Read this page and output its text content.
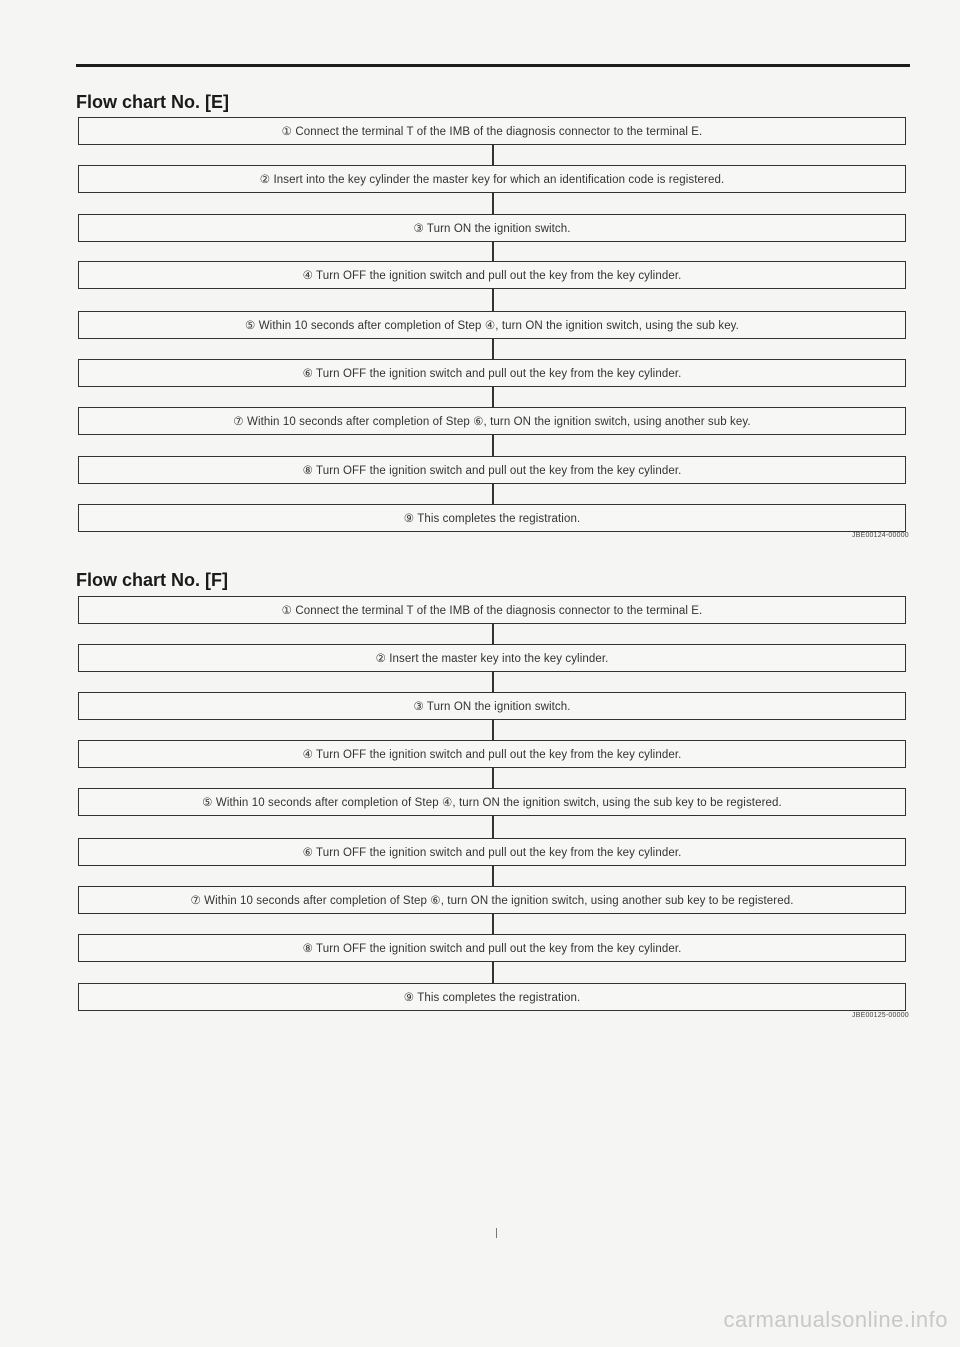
Flow chart No. [E]
① Connect the terminal T of the IMB of the diagnosis connector to the terminal E.
② Insert into the key cylinder the master key for which an identification code is registered.
③ Turn ON the ignition switch.
④ Turn OFF the ignition switch and pull out the key from the key cylinder.
⑤ Within 10 seconds after completion of Step ④, turn ON the ignition switch, using the sub key.
⑥ Turn OFF the ignition switch and pull out the key from the key cylinder.
⑦ Within 10 seconds after completion of Step ⑥, turn ON the ignition switch, using another sub key.
⑧ Turn OFF the ignition switch and pull out the key from the key cylinder.
⑨ This completes the registration.
JBE00124-00000
Flow chart No. [F]
① Connect the terminal T of the IMB of the diagnosis connector to the terminal E.
② Insert the master key into the key cylinder.
③ Turn ON the ignition switch.
④ Turn OFF the ignition switch and pull out the key from the key cylinder.
⑤ Within 10 seconds after completion of Step ④, turn ON the ignition switch, using the sub key to be registered.
⑥ Turn OFF the ignition switch and pull out the key from the key cylinder.
⑦ Within 10 seconds after completion of Step ⑥, turn ON the ignition switch, using another sub key to be registered.
⑧ Turn OFF the ignition switch and pull out the key from the key cylinder.
⑨ This completes the registration.
JBE00125-00000
carmanualsonline.info
